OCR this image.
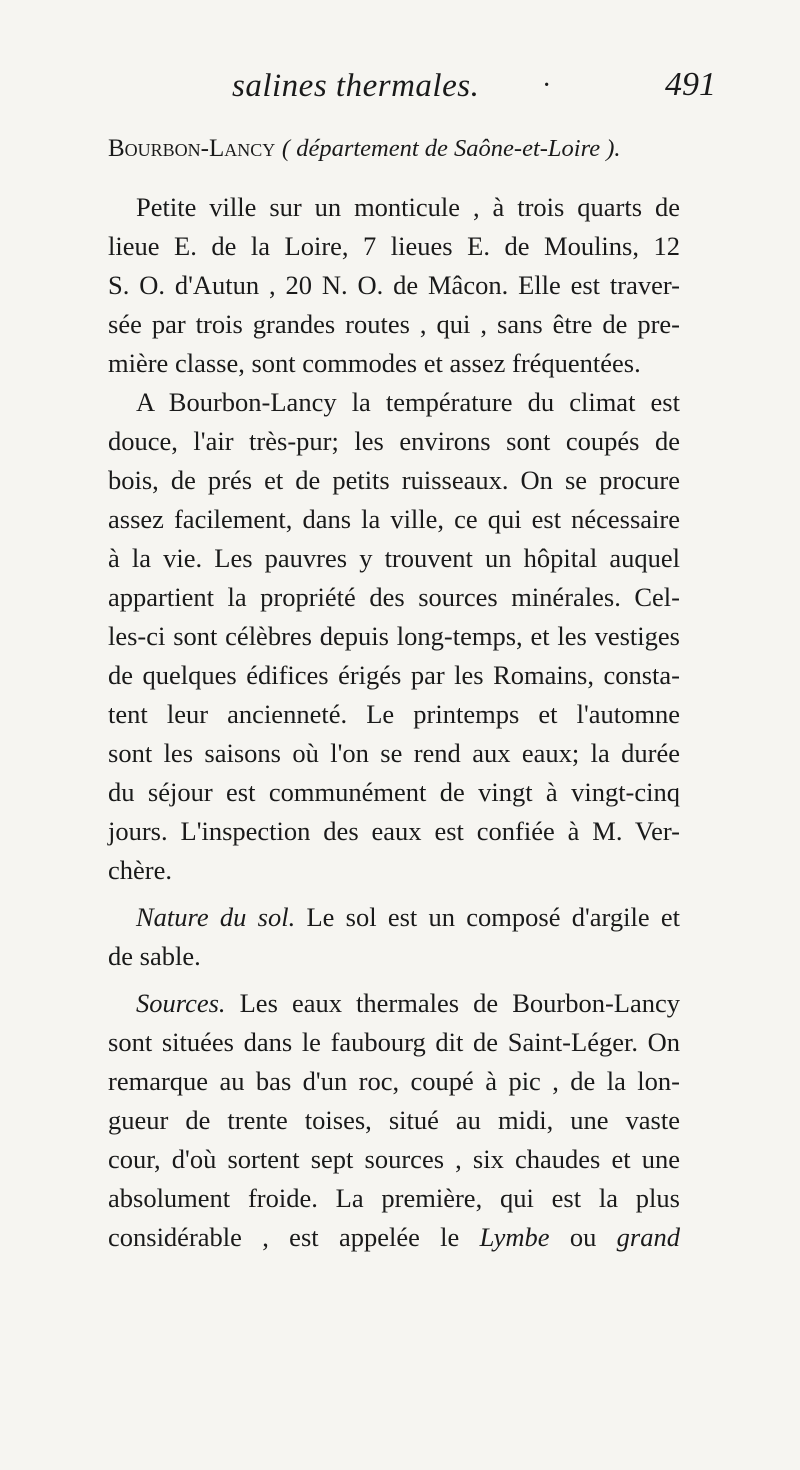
salines thermales. ·	491
Bourbon-Lancy ( département de Saône-et-Loire ).
Petite ville sur un monticule , à trois quarts de
lieue E. de la Loire, 7 lieues E. de Moulins, 12
S. O. d'Autun , 20 N. O. de Mâcon. Elle est traver-
sée par trois grandes routes , qui , sans être de pre-
mière classe, sont commodes et assez fréquentées.
A Bourbon-Lancy la température du climat est
douce, l'air très-pur; les environs sont coupés de
bois, de prés et de petits ruisseaux. On se procure
assez facilement, dans la ville, ce qui est nécessaire
à la vie. Les pauvres y trouvent un hôpital auquel
appartient la propriété des sources minérales. Cel-
les-ci sont célèbres depuis long-temps, et les vestiges
de quelques édifices érigés par les Romains, consta-
tent leur ancienneté. Le printemps et l'automne
sont les saisons où l'on se rend aux eaux; la durée
du séjour est communément de vingt à vingt-cinq
jours. L'inspection des eaux est confiée à M. Ver-
chère.
Nature du sol. Le sol est un composé d'argile et
de sable.
Sources. Les eaux thermales de Bourbon-Lancy
sont situées dans le faubourg dit de Saint-Léger. On
remarque au bas d'un roc, coupé à pic , de la lon-
gueur de trente toises, situé au midi, une vaste
cour, d'où sortent sept sources , six chaudes et une
absolument froide. La première, qui est la plus
considérable , est appelée le Lymbe ou grand
